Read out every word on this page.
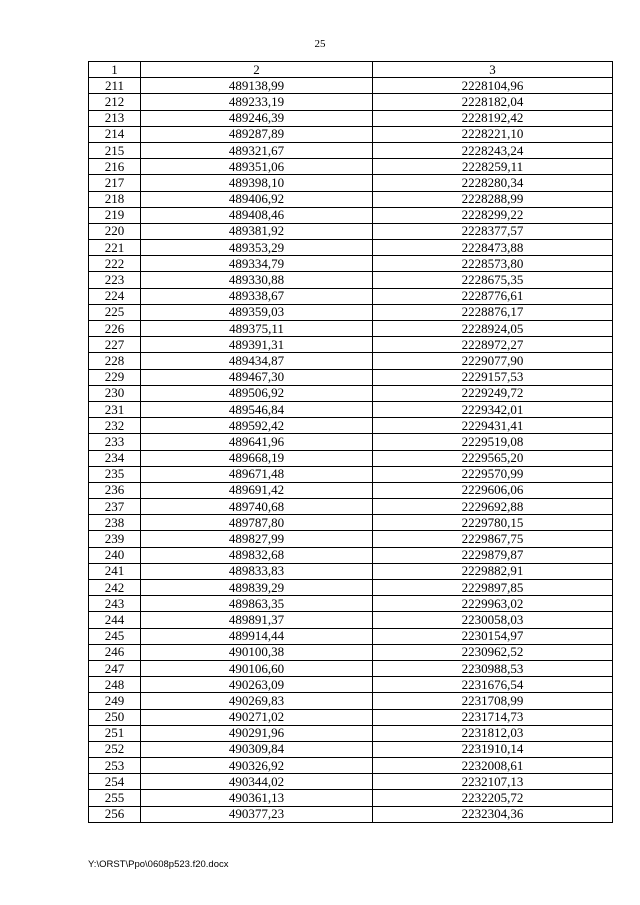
25
1	2	3
211	489138,99	2228104,96
212	489233,19	2228182,04
213	489246,39	2228192,42
214	489287,89	2228221,10
215	489321,67	2228243,24
216	489351,06	2228259,11
217	489398,10	2228280,34
218	489406,92	2228288,99
219	489408,46	2228299,22
220	489381,92	2228377,57
221	489353,29	2228473,88
222	489334,79	2228573,80
223	489330,88	2228675,35
224	489338,67	2228776,61
225	489359,03	2228876,17
226	489375,11	2228924,05
227	489391,31	2228972,27
228	489434,87	2229077,90
229	489467,30	2229157,53
230	489506,92	2229249,72
231	489546,84	2229342,01
232	489592,42	2229431,41
233	489641,96	2229519,08
234	489668,19	2229565,20
235	489671,48	2229570,99
236	489691,42	2229606,06
237	489740,68	2229692,88
238	489787,80	2229780,15
239	489827,99	2229867,75
240	489832,68	2229879,87
241	489833,83	2229882,91
242	489839,29	2229897,85
243	489863,35	2229963,02
244	489891,37	2230058,03
245	489914,44	2230154,97
246	490100,38	2230962,52
247	490106,60	2230988,53
248	490263,09	2231676,54
249	490269,83	2231708,99
250	490271,02	2231714,73
251	490291,96	2231812,03
252	490309,84	2231910,14
253	490326,92	2232008,61
254	490344,02	2232107,13
255	490361,13	2232205,72
256	490377,23	2232304,36
Y:\ORST\Ppo\0608p523.f20.docx
